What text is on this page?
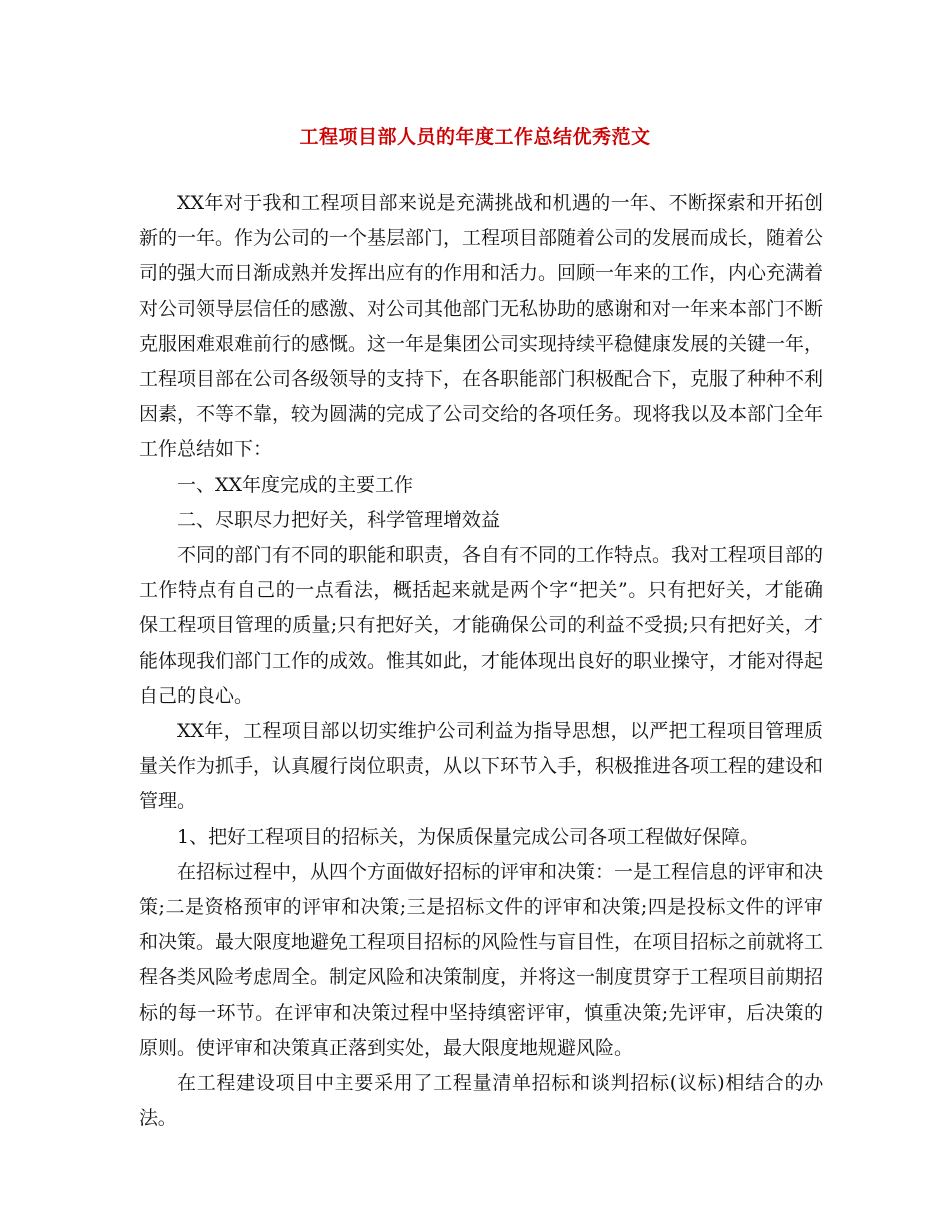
工程项目部人员的年度工作总结优秀范文

XX年对于我和工程项目部来说是充满挑战和机遇的一年、不断探索和开拓创新的一年。作为公司的一个基层部门，工程项目部随着公司的发展而成长，随着公司的强大而日渐成熟并发挥出应有的作用和活力。回顾一年来的工作，内心充满着对公司领导层信任的感激、对公司其他部门无私协助的感谢和对一年来本部门不断克服困难艰难前行的感慨。这一年是集团公司实现持续平稳健康发展的关键一年，工程项目部在公司各级领导的支持下，在各职能部门积极配合下，克服了种种不利因素，不等不靠，较为圆满的完成了公司交给的各项任务。现将我以及本部门全年工作总结如下：

一、XX年度完成的主要工作

二、尽职尽力把好关，科学管理增效益

不同的部门有不同的职能和职责，各自有不同的工作特点。我对工程项目部的工作特点有自己的一点看法，概括起来就是两个字“把关”。只有把好关，才能确保工程项目管理的质量;只有把好关，才能确保公司的利益不受损;只有把好关，才能体现我们部门工作的成效。惟其如此，才能体现出良好的职业操守，才能对得起自己的良心。

XX年，工程项目部以切实维护公司利益为指导思想，以严把工程项目管理质量关作为抓手，认真履行岗位职责，从以下环节入手，积极推进各项工程的建设和管理。

1、把好工程项目的招标关，为保质保量完成公司各项工程做好保障。

在招标过程中，从四个方面做好招标的评审和决策：一是工程信息的评审和决策;二是资格预审的评审和决策;三是招标文件的评审和决策;四是投标文件的评审和决策。最大限度地避免工程项目招标的风险性与盲目性，在项目招标之前就将工程各类风险考虑周全。制定风险和决策制度，并将这一制度贯穿于工程项目前期招标的每一环节。在评审和决策过程中坚持缜密评审，慎重决策;先评审，后决策的原则。使评审和决策真正落到实处，最大限度地规避风险。

在工程建设项目中主要采用了工程量清单招标和谈判招标(议标)相结合的办法。
